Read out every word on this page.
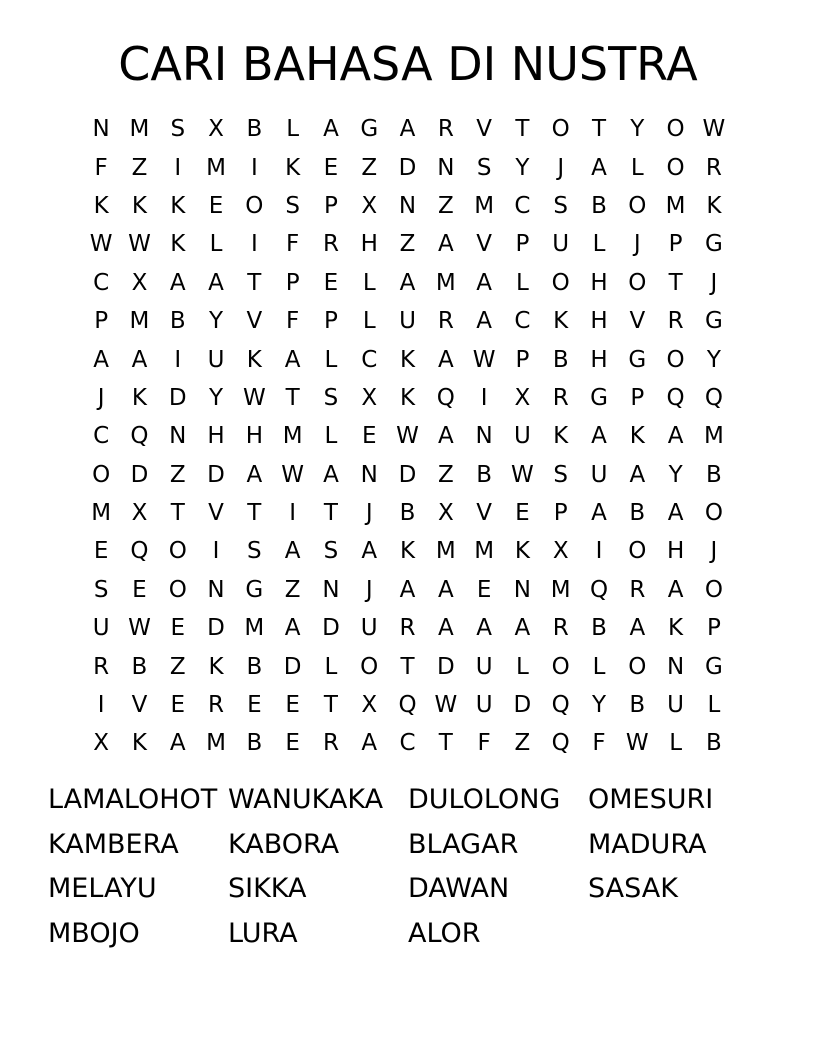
CARI BAHASA DI NUSTRA
N M S	X B	L	A G A R V	T O T	Y O W
F	Z	I	M	I	K	E	Z D N S	Y	J	A	L O R
K	K	K	E O S	P	X N Z M C S	B O M K
W W K	L	I	F	R H Z A V	P U	L	J	P G
C X A A	T	P	E	L	A M A	L O H O T	J
P M B	Y	V	F	P	L	U R A C K H V R G
A A	I	U K A	L	C K A W P	B H G O Y
J	K D Y W T	S	X K Q	I	X R G P Q Q
C Q N H H M L	E W A N U K A K A M
O D Z D A W A N D Z B W S U A	Y	B
M X	T	V	T	I	T	J	B X V	E	P	A B A O
E Q O	I	S	A	S	A K M M K X	I	O H	J
S	E O N G Z N	J	A A	E N M Q R A O
U W E D M A D U R A A A R B A K	P
R B Z K B D	L O T D U	L O L O N G
I	V	E	R	E	E	T	X Q W U D Q Y	B U	L
X K A M B	E	R A C	T	F	Z Q F W L	B
LAMALOHOT WANUKAKA DULOLONG	OMESURI
KAMBERA	KABORA	BLAGAR	MADURA
MELAYU	SIKKA	DAWAN	SASAK
MBOJO	LURA	ALOR
